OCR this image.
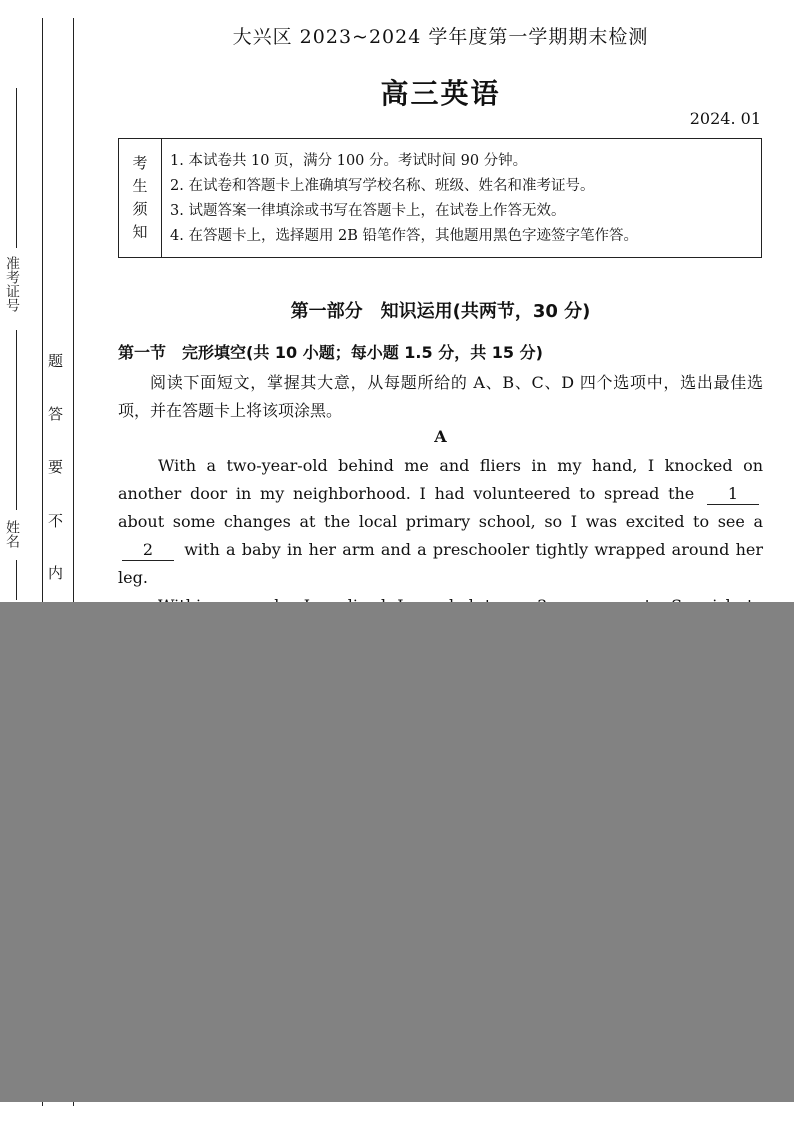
准考证号
姓名
题
答
要
不
内
大兴区 2023~2024 学年度第一学期期末检测
高三英语
2024. 01
考
生
须
知
1. 本试卷共 10 页，满分 100 分。考试时间 90 分钟。
2. 在试卷和答题卡上准确填写学校名称、班级、姓名和准考证号。
3. 试题答案一律填涂或书写在答题卡上，在试卷上作答无效。
4. 在答题卡上，选择题用 2B 铅笔作答，其他题用黑色字迹签字笔作答。
第一部分　知识运用(共两节，30 分)
第一节　完形填空(共 10 小题；每小题 1.5 分，共 15 分)
阅读下面短文，掌握其大意，从每题所给的 A、B、C、D 四个选项中，选出最佳选项，并在答题卡上将该项涂黑。
A

With a two-year-old behind me and fliers in my hand, I knocked on another door in my neighborhood. I had volunteered to spread the 1 about some changes at the local primary school, so I was excited to see a 2 with a baby in her arm and a preschooler tightly wrapped around her leg.
